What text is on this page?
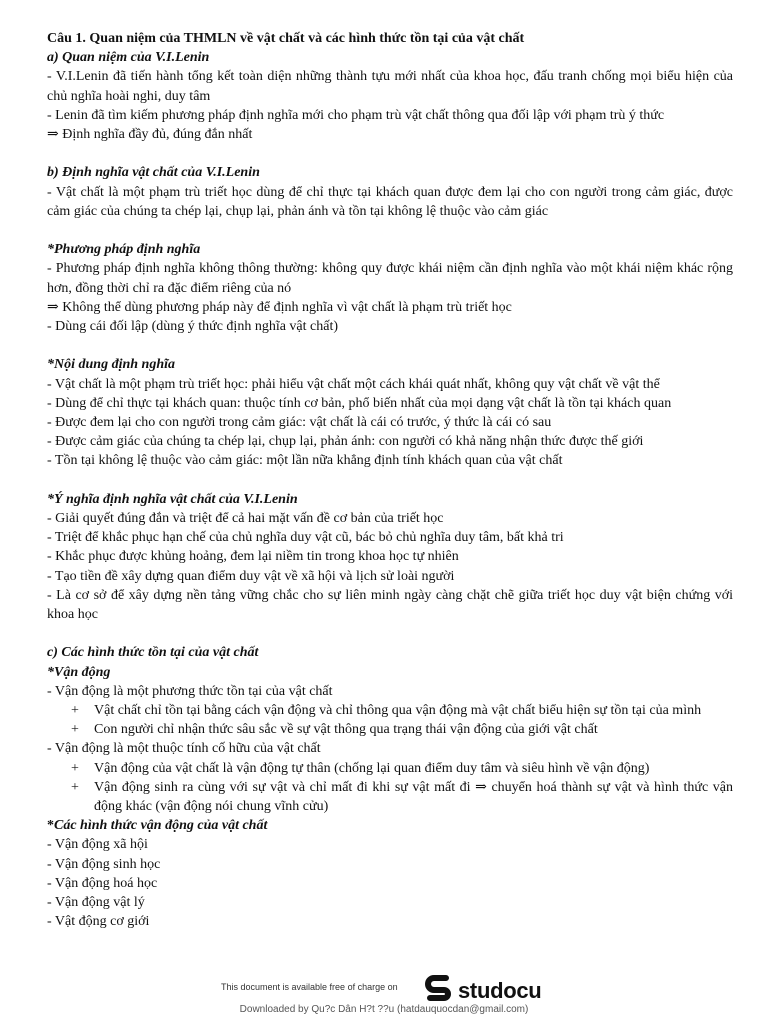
Câu 1. Quan niệm của THMLN về vật chất và các hình thức tồn tại của vật chất
a) Quan niệm của V.I.Lenin
- V.I.Lenin đã tiến hành tổng kết toàn diện những thành tựu mới nhất của khoa học, đấu tranh chống mọi biểu hiện của chủ nghĩa hoài nghi, duy tâm
- Lenin đã tìm kiếm phương pháp định nghĩa mới cho phạm trù vật chất thông qua đối lập với phạm trù ý thức
⇒ Định nghĩa đầy đủ, đúng đắn nhất
b) Định nghĩa vật chất của V.I.Lenin
- Vật chất là một phạm trù triết học dùng để chỉ thực tại khách quan được đem lại cho con người trong cảm giác, được cảm giác của chúng ta chép lại, chụp lại, phản ánh và tồn tại không lệ thuộc vào cảm giác
*Phương pháp định nghĩa
- Phương pháp định nghĩa không thông thường: không quy được khái niệm cần định nghĩa vào một khái niệm khác rộng hơn, đồng thời chỉ ra đặc điểm riêng của nó
⇒ Không thể dùng phương pháp này để định nghĩa vì vật chất là phạm trù triết học
- Dùng cái đối lập (dùng ý thức định nghĩa vật chất)
*Nội dung định nghĩa
- Vật chất là một phạm trù triết học: phải hiểu vật chất một cách khái quát nhất, không quy vật chất về vật thể
- Dùng để chỉ thực tại khách quan: thuộc tính cơ bản, phổ biến nhất của mọi dạng vật chất là tồn tại khách quan
- Được đem lại cho con người trong cảm giác: vật chất là cái có trước, ý thức là cái có sau
- Được cảm giác của chúng ta chép lại, chụp lại, phản ánh: con người có khả năng nhận thức được thế giới
- Tồn tại không lệ thuộc vào cảm giác: một lần nữa khẳng định tính khách quan của vật chất
*Ý nghĩa định nghĩa vật chất của V.I.Lenin
- Giải quyết đúng đắn và triệt để cả hai mặt vấn đề cơ bản của triết học
- Triệt để khắc phục hạn chế của chủ nghĩa duy vật cũ, bác bỏ chủ nghĩa duy tâm, bất khả tri
- Khắc phục được khủng hoảng, đem lại niềm tin trong khoa học tự nhiên
- Tạo tiền đề xây dựng quan điểm duy vật về xã hội và lịch sử loài người
- Là cơ sở để xây dựng nền tảng vững chắc cho sự liên minh ngày càng chặt chẽ giữa triết học duy vật biện chứng với khoa học
c) Các hình thức tồn tại của vật chất
*Vận động
- Vận động là một phương thức tồn tại của vật chất
+ Vật chất chỉ tồn tại bằng cách vận động và chỉ thông qua vận động mà vật chất biểu hiện sự tồn tại của mình
+ Con người chỉ nhận thức sâu sắc về sự vật thông qua trạng thái vận động của giới vật chất
- Vận động là một thuộc tính cố hữu của vật chất
+ Vận động của vật chất là vận động tự thân (chống lại quan điểm duy tâm và siêu hình về vận động)
+ Vận động sinh ra cùng với sự vật và chỉ mất đi khi sự vật mất đi ⇒ chuyển hoá thành sự vật và hình thức vận động khác (vận động nói chung vĩnh cửu)
*Các hình thức vận động của vật chất
- Vận động xã hội
- Vận động sinh học
- Vận động hoá học
- Vận động vật lý
- Vật động cơ giới
This document is available free of charge on	studocu
Downloaded by Qu?c Dân H?t ??u (hatdauquocdan@gmail.com)
